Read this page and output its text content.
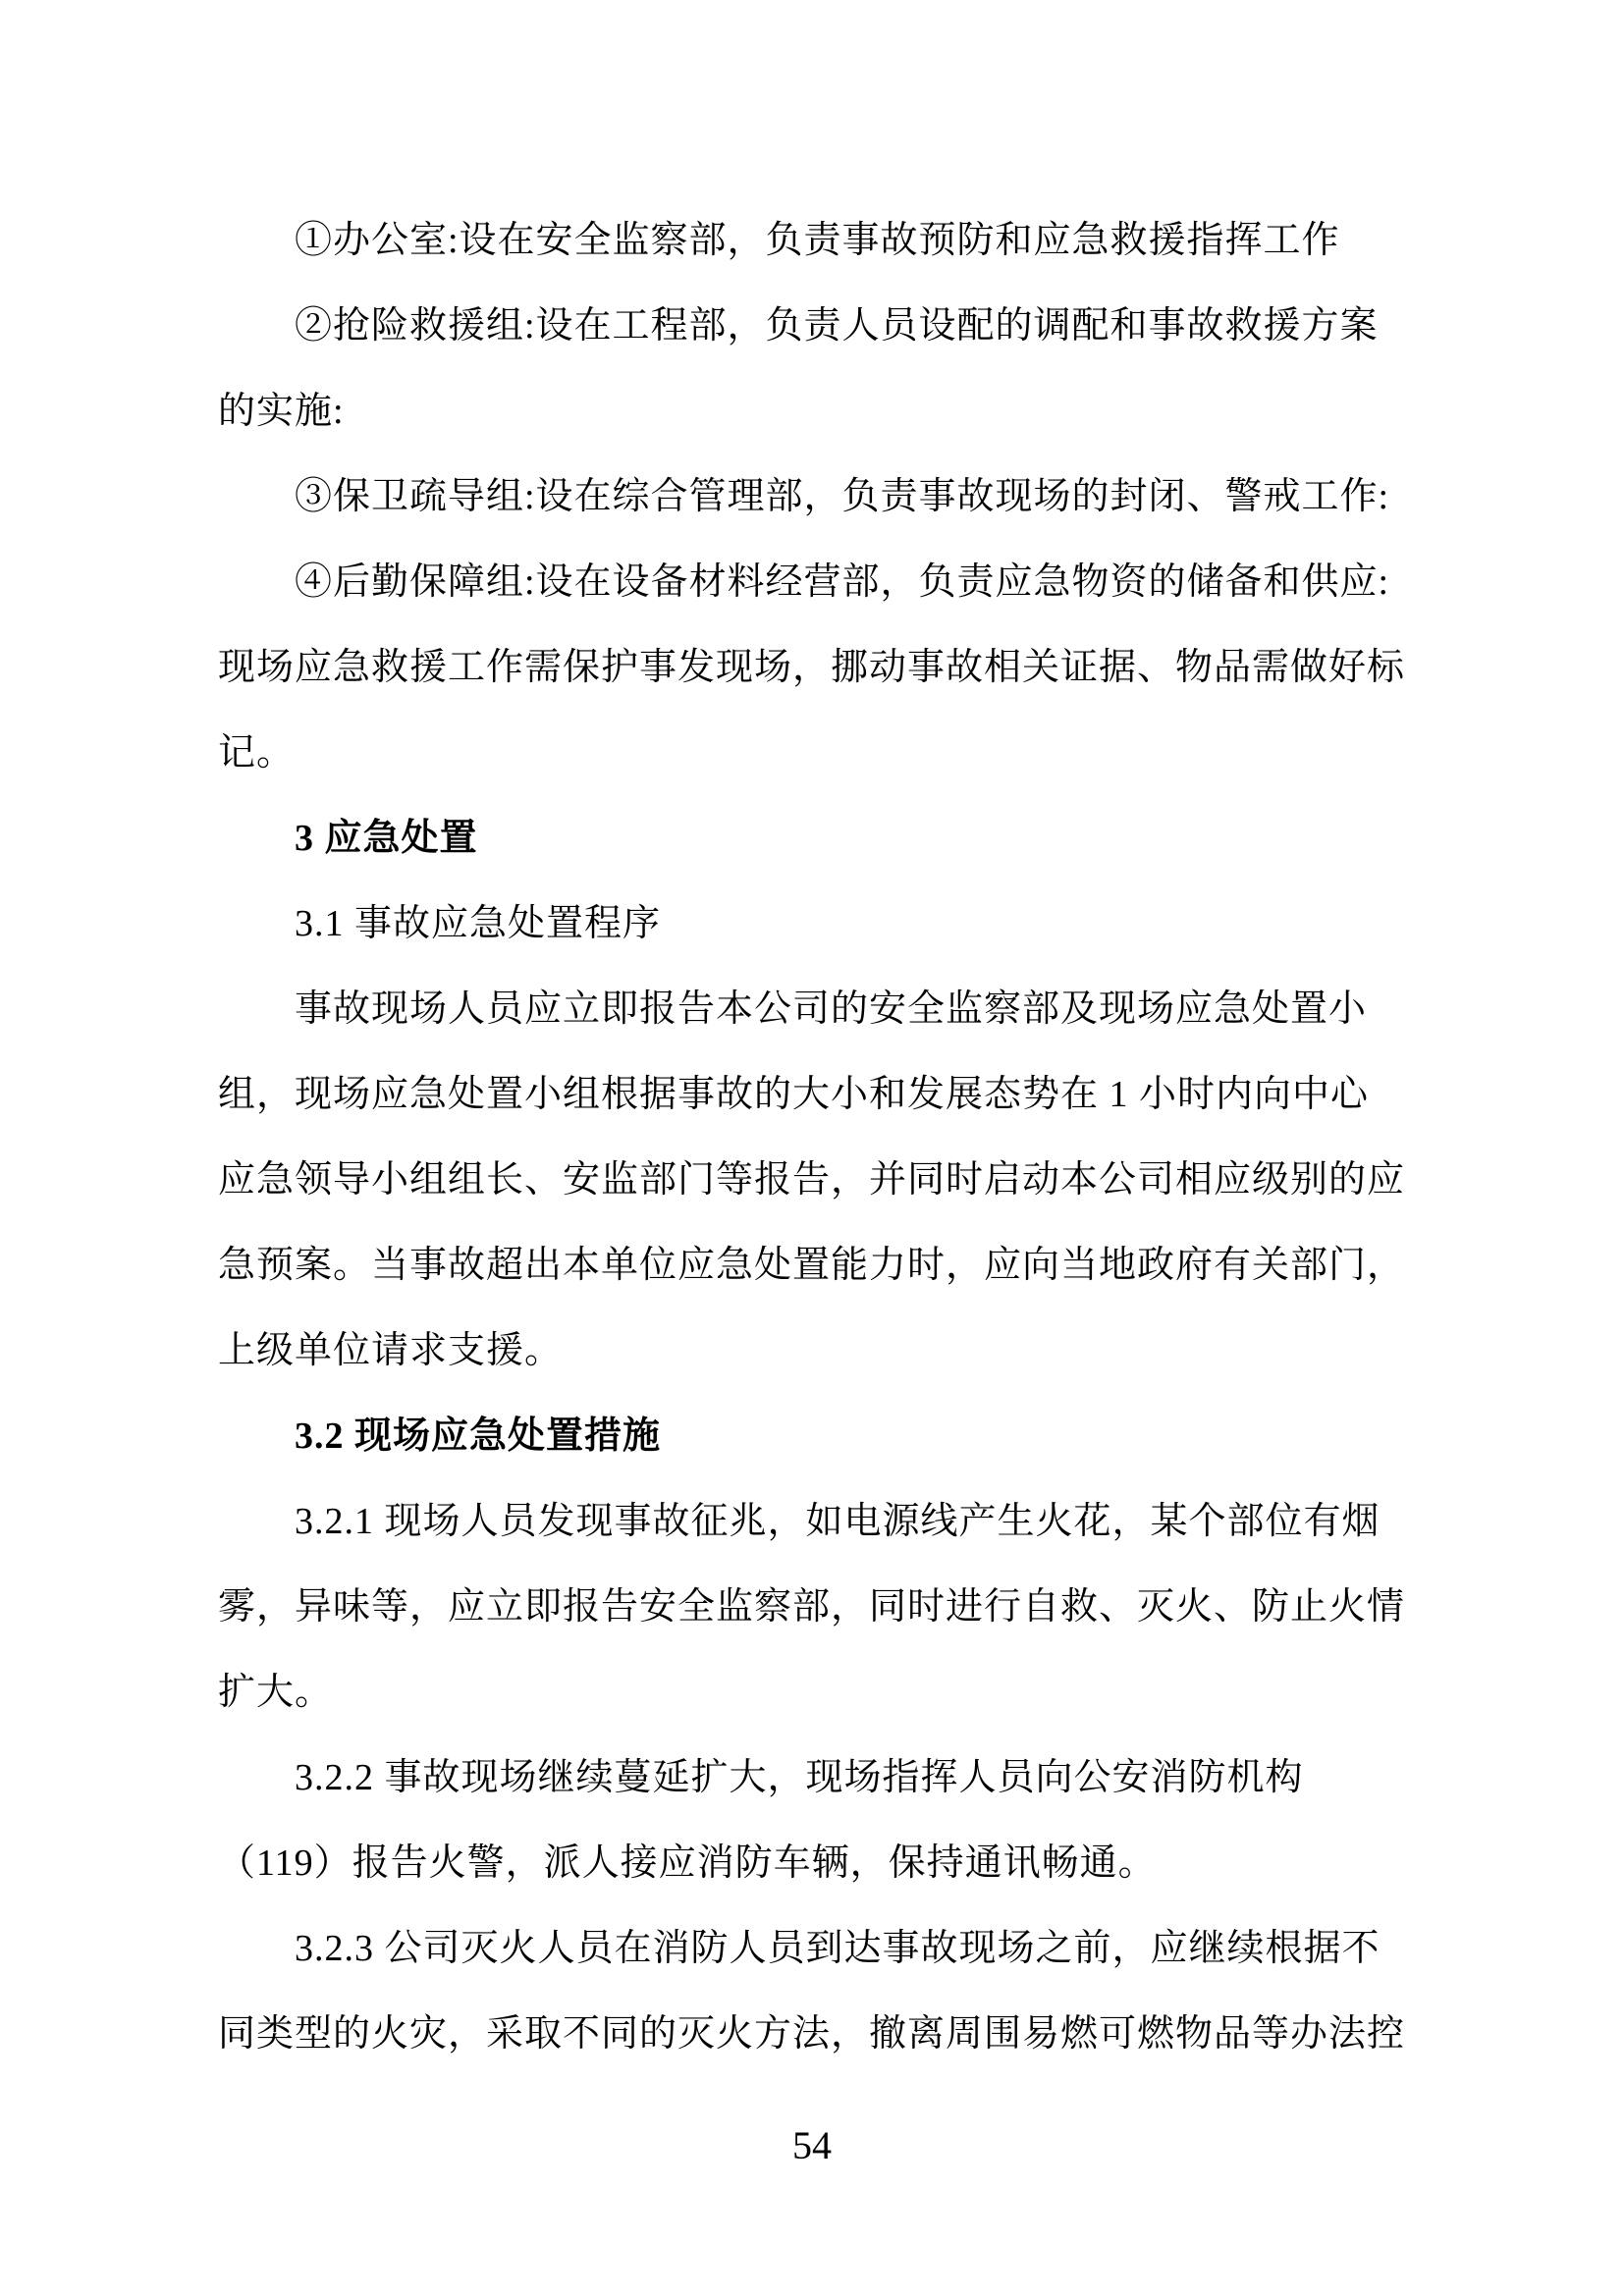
①办公室:设在安全监察部，负责事故预防和应急救援指挥工作
②抢险救援组:设在工程部，负责人员设配的调配和事故救援方案
的实施:
③保卫疏导组:设在综合管理部，负责事故现场的封闭、警戒工作:
④后勤保障组:设在设备材料经营部，负责应急物资的储备和供应:
现场应急救援工作需保护事发现场，挪动事故相关证据、物品需做好标
记。
3 应急处置
3.1 事故应急处置程序
事故现场人员应立即报告本公司的安全监察部及现场应急处置小
组，现场应急处置小组根据事故的大小和发展态势在 1 小时内向中心
应急领导小组组长、安监部门等报告，并同时启动本公司相应级别的应
急预案。当事故超出本单位应急处置能力时，应向当地政府有关部门，
上级单位请求支援。
3.2 现场应急处置措施
3.2.1 现场人员发现事故征兆，如电源线产生火花，某个部位有烟
雾，异味等，应立即报告安全监察部，同时进行自救、灭火、防止火情
扩大。
3.2.2 事故现场继续蔓延扩大，现场指挥人员向公安消防机构
（119）报告火警，派人接应消防车辆，保持通讯畅通。
3.2.3 公司灭火人员在消防人员到达事故现场之前，应继续根据不
同类型的火灾，采取不同的灭火方法，撤离周围易燃可燃物品等办法控
54
